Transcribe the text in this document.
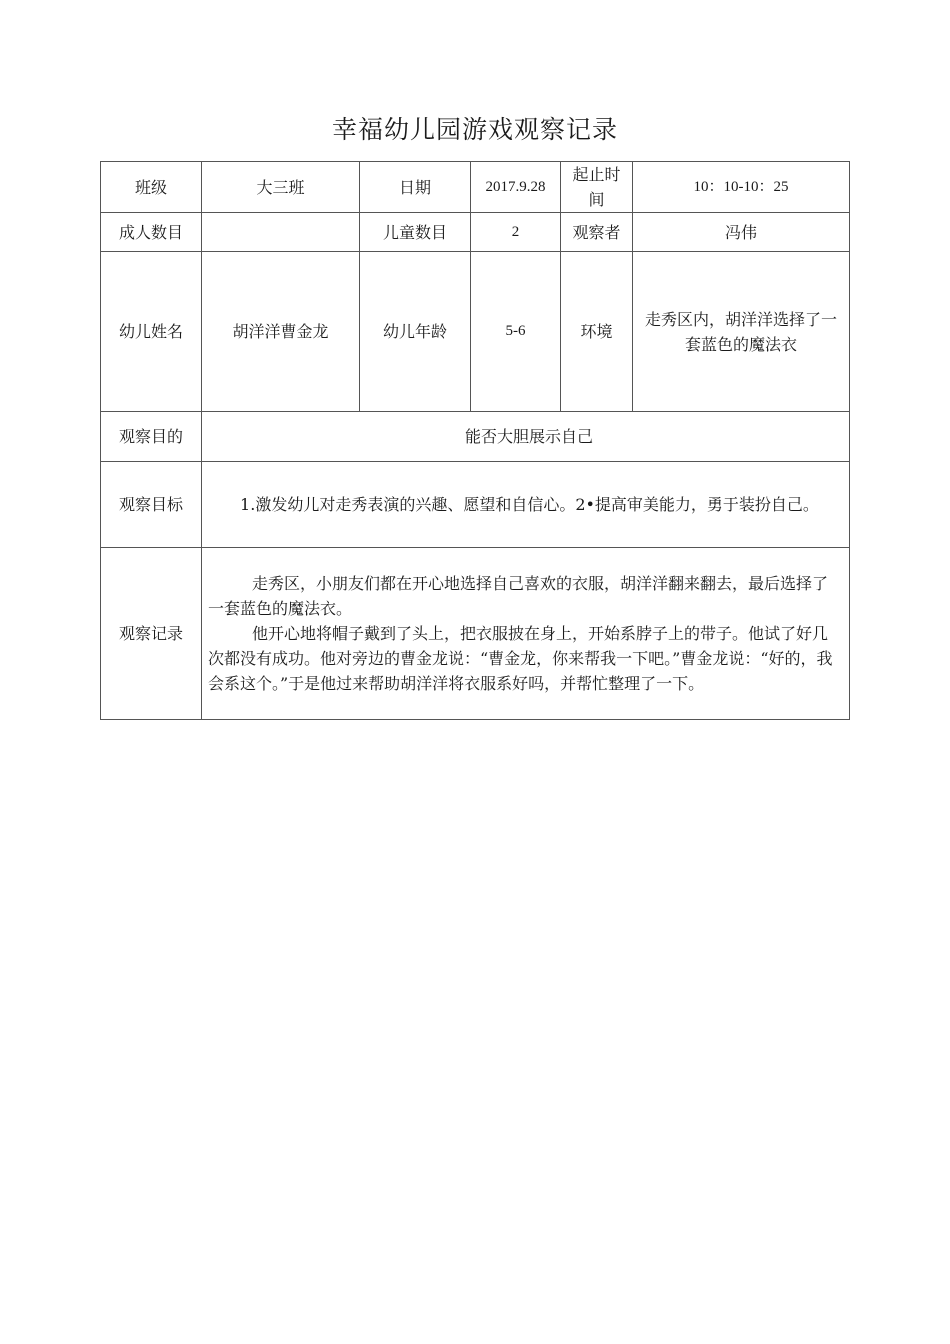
幸福幼儿园游戏观察记录
班级	大三班	日期	2017.9.28	起止时间	10：10-10：25
成人数目		儿童数目	2	观察者	冯伟
幼儿姓名	胡洋洋曹金龙	幼儿年龄	5-6	环境	走秀区内，胡洋洋选择了一套蓝色的魔法衣
观察目的	能否大胆展示自己				
观察目标	1.激发幼儿对走秀表演的兴趣、愿望和自信心。2•提高审美能力，勇于装扮自己。				
观察记录	走秀区，小朋友们都在开心地选择自己喜欢的衣服，胡洋洋翻来翻去，最后选择了一套蓝色的魔法衣。

他开心地将帽子戴到了头上，把衣服披在身上，开始系脖子上的带子。他试了好几次都没有成功。他对旁边的曹金龙说：“曹金龙，你来帮我一下吧。”曹金龙说：“好的，我会系这个。”于是他过来帮助胡洋洋将衣服系好吗，并帮忙整理了一下。				
